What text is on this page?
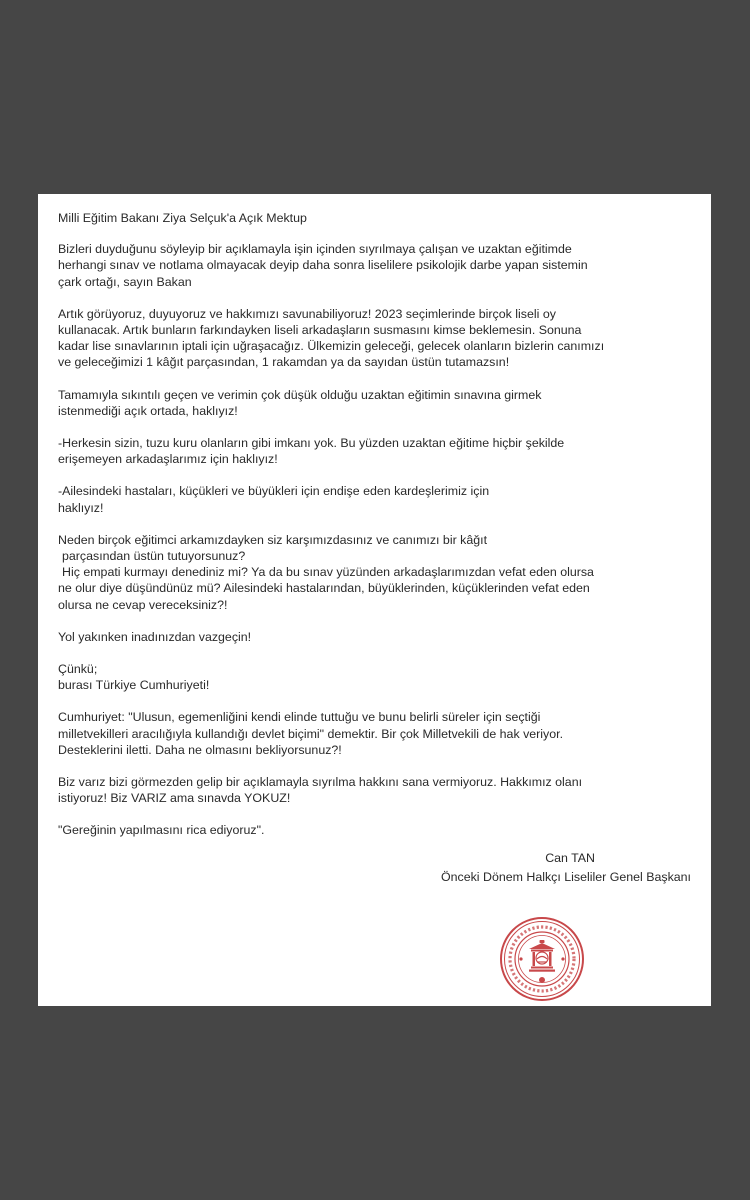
Milli Eğitim Bakanı Ziya Selçuk'a Açık Mektup
Bizleri duyduğunu söyleyip bir açıklamayla işin içinden sıyrılmaya çalışan ve uzaktan eğitimde
herhangi sınav ve notlama olmayacak deyip daha sonra liselilere psikolojik darbe yapan sistemin
çark ortağı, sayın Bakan
Artık görüyoruz, duyuyoruz ve hakkımızı savunabiliyoruz! 2023 seçimlerinde birçok liseli oy
kullanacak. Artık bunların farkındayken liseli arkadaşların susmasını kimse beklemesin. Sonuna
kadar lise sınavlarının iptali için uğraşacağız. Ülkemizin geleceği, gelecek olanların bizlerin canımızı
ve geleceğimizi 1 kâğıt parçasından, 1 rakamdan ya da sayıdan üstün tutamazsın!
Tamamıyla sıkıntılı geçen ve verimin çok düşük olduğu uzaktan eğitimin sınavına girmek
istenmediği açık ortada, haklıyız!
-Herkesin sizin, tuzu kuru olanların gibi imkanı yok. Bu yüzden uzaktan eğitime hiçbir şekilde
erişemeyen arkadaşlarımız için haklıyız!
-Ailesindeki hastaları, küçükleri ve büyükleri için endişe eden kardeşlerimiz için
haklıyız!
Neden birçok eğitimci arkamızdayken siz karşımızdasınız ve canımızı bir kâğıt
parçasından üstün tutuyorsunuz?
Hiç empati kurmayı denediniz mi? Ya da bu sınav yüzünden arkadaşlarımızdan vefat eden olursa
ne olur diye düşündünüz mü? Ailesindeki hastalarından, büyüklerinden, küçüklerinden vefat eden
olursa ne cevap vereceksiniz?!
Yol yakınken inadınızdan vazgeçin!
Çünkü;
burası Türkiye Cumhuriyeti!
Cumhuriyet: "Ulusun, egemenliğini kendi elinde tuttuğu ve bunu belirli süreler için seçtiği
milletvekilleri aracılığıyla kullandığı devlet biçimi" demektir. Bir çok Milletvekili de hak veriyor.
Desteklerini iletti. Daha ne olmasını bekliyorsunuz?!
Biz varız bizi görmezden gelip bir açıklamayla sıyrılma hakkını sana vermiyoruz. Hakkımız olanı
istiyoruz! Biz VARIZ ama sınavda YOKUZ!
"Gereğinin yapılmasını rica ediyoruz".
Can TAN
Önceki Dönem Halkçı Liseliler Genel Başkanı
